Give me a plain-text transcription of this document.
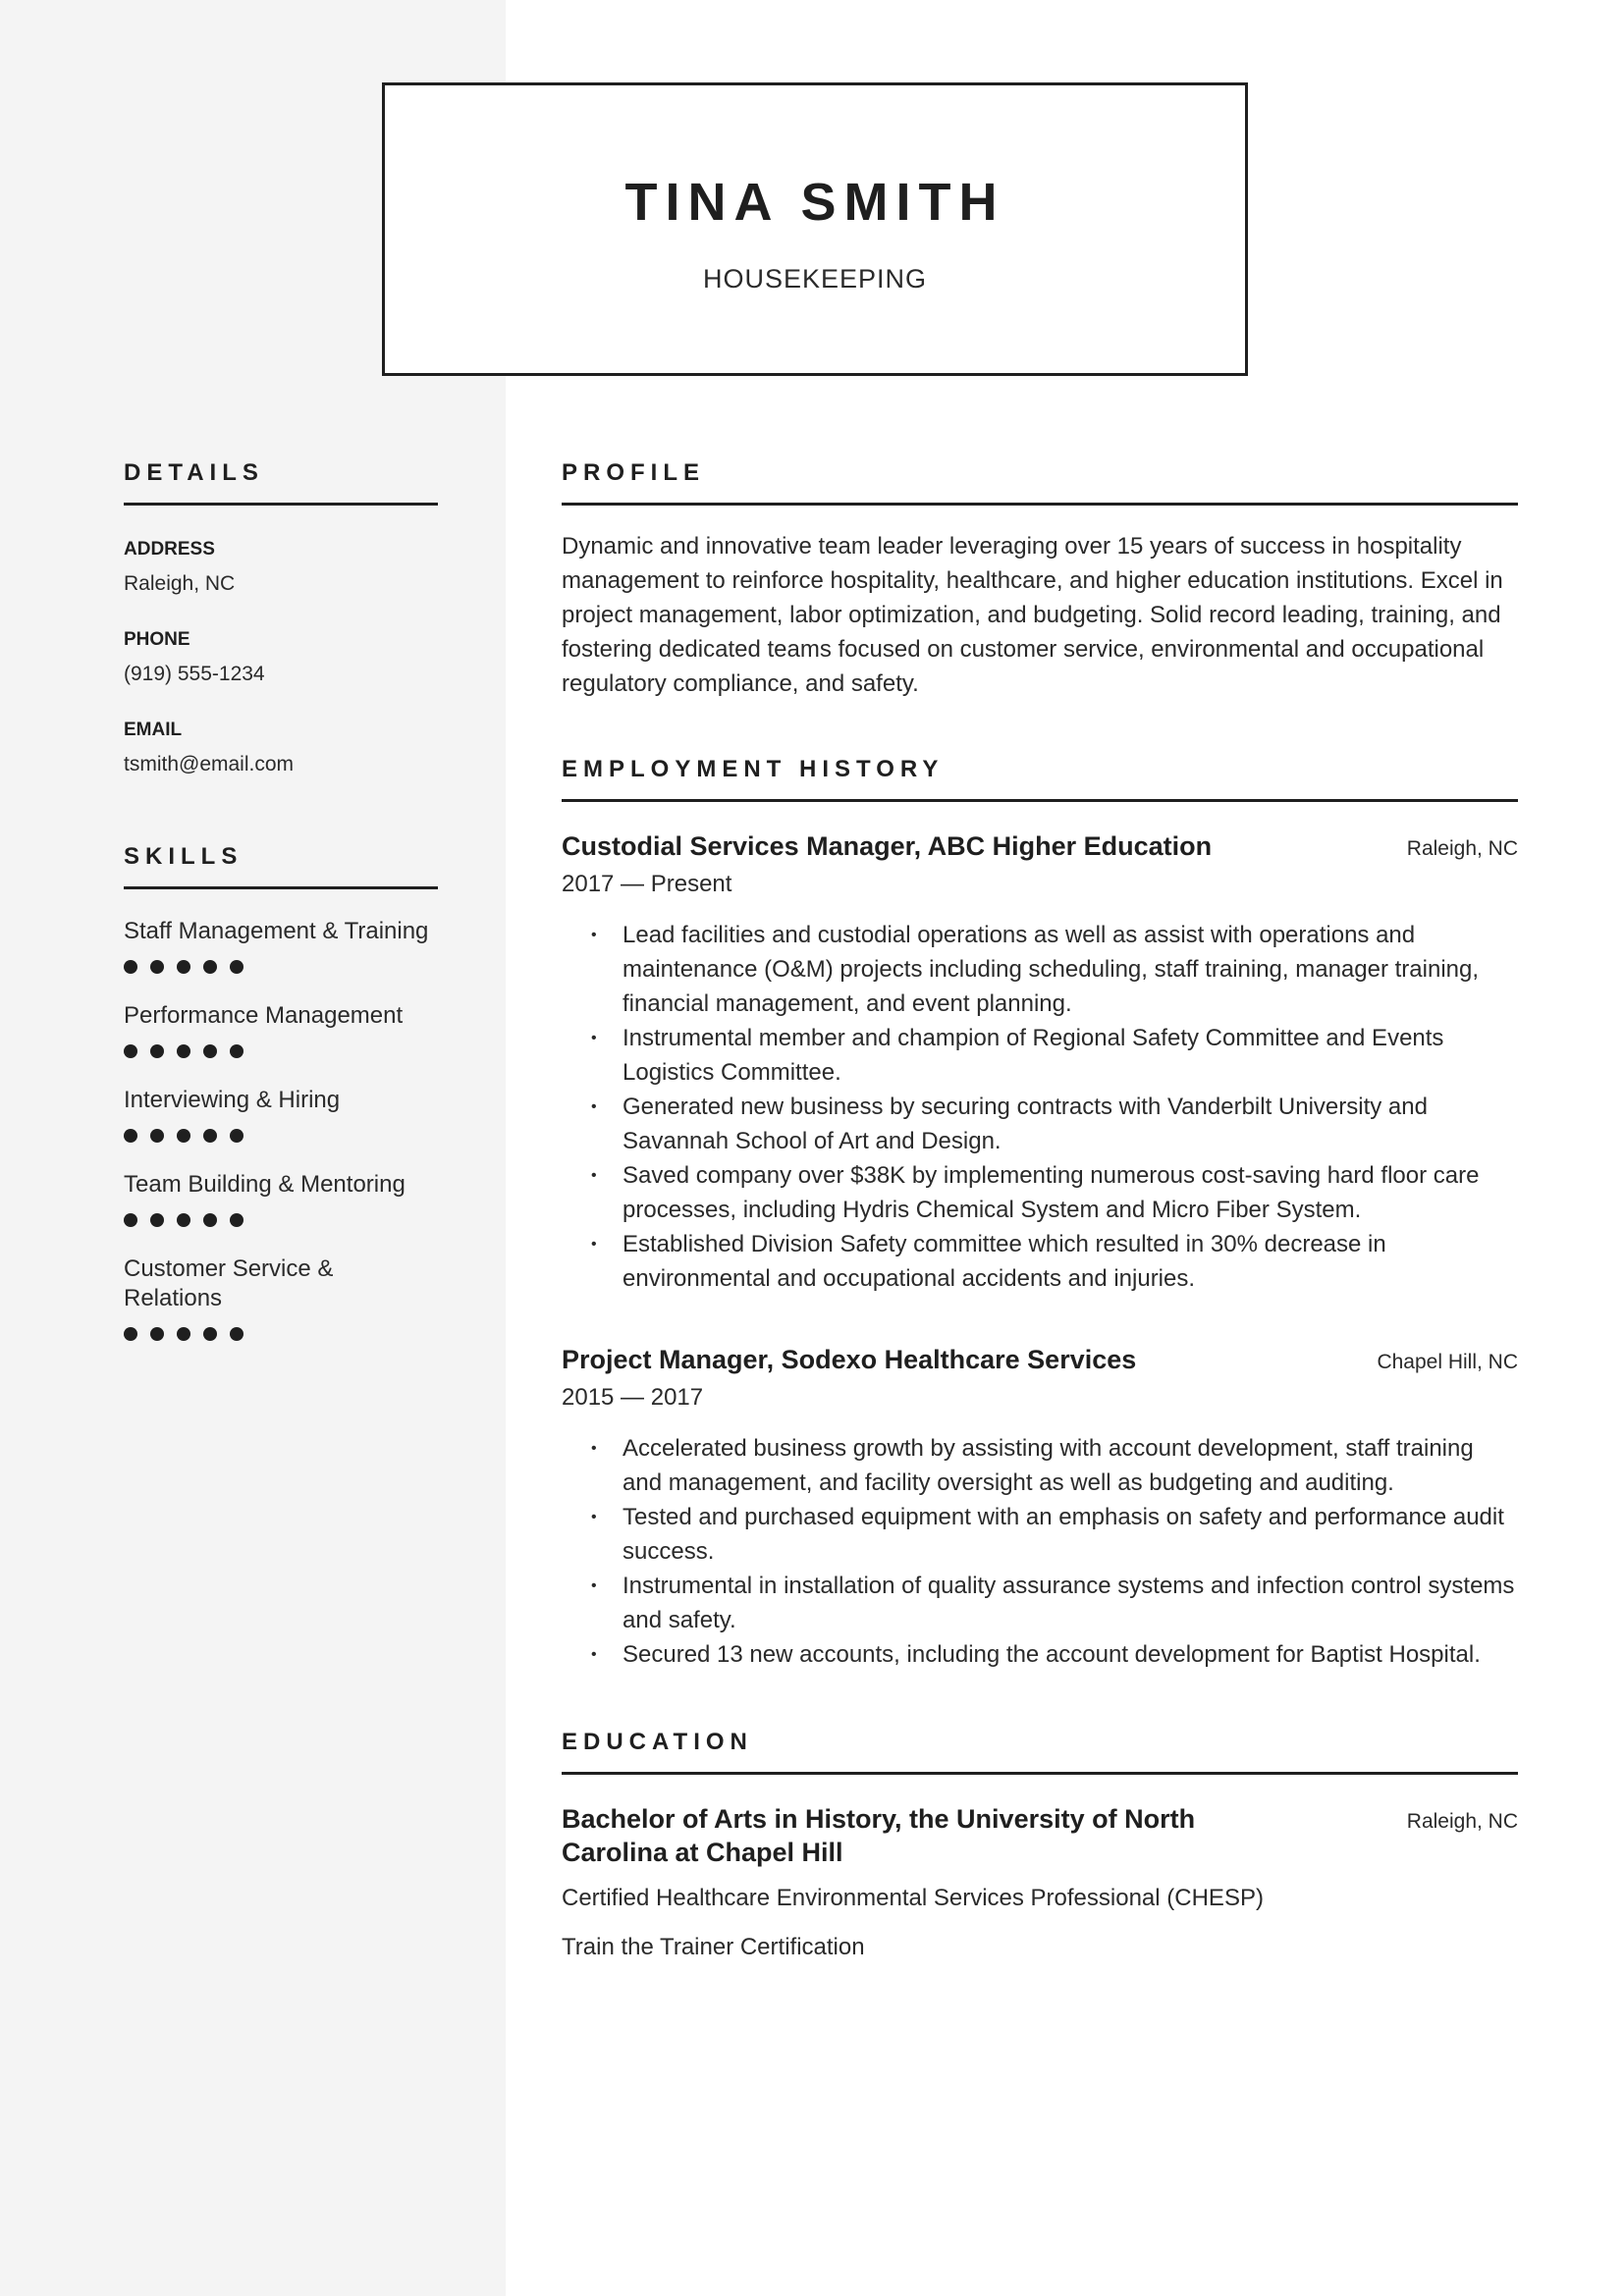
TINA SMITH
HOUSEKEEPING
DETAILS
ADDRESS
Raleigh, NC
PHONE
(919) 555-1234
EMAIL
tsmith@email.com
SKILLS
Staff Management & Training
Performance Management
Interviewing & Hiring
Team Building & Mentoring
Customer Service & Relations
PROFILE
Dynamic and innovative team leader leveraging over 15 years of success in hospitality management to reinforce hospitality, healthcare, and higher education institutions. Excel in project management, labor optimization, and budgeting. Solid record leading, training, and fostering dedicated teams focused on customer service, environmental and occupational regulatory compliance, and safety.
EMPLOYMENT HISTORY
Custodial Services Manager, ABC Higher Education	Raleigh, NC
2017 — Present
• Lead facilities and custodial operations as well as assist with operations and maintenance (O&M) projects including scheduling, staff training, manager training, financial management, and event planning.
• Instrumental member and champion of Regional Safety Committee and Events Logistics Committee.
• Generated new business by securing contracts with Vanderbilt University and Savannah School of Art and Design.
• Saved company over $38K by implementing numerous cost-saving hard floor care processes, including Hydris Chemical System and Micro Fiber System.
• Established Division Safety committee which resulted in 30% decrease in environmental and occupational accidents and injuries.
Project Manager, Sodexo Healthcare Services	Chapel Hill, NC
2015 — 2017
• Accelerated business growth by assisting with account development, staff training and management, and facility oversight as well as budgeting and auditing.
• Tested and purchased equipment with an emphasis on safety and performance audit success.
• Instrumental in installation of quality assurance systems and infection control systems and safety.
• Secured 13 new accounts, including the account development for Baptist Hospital.
EDUCATION
Bachelor of Arts in History, the University of North Carolina at Chapel Hill
Raleigh, NC
Certified Healthcare Environmental Services Professional (CHESP)
Train the Trainer Certification
